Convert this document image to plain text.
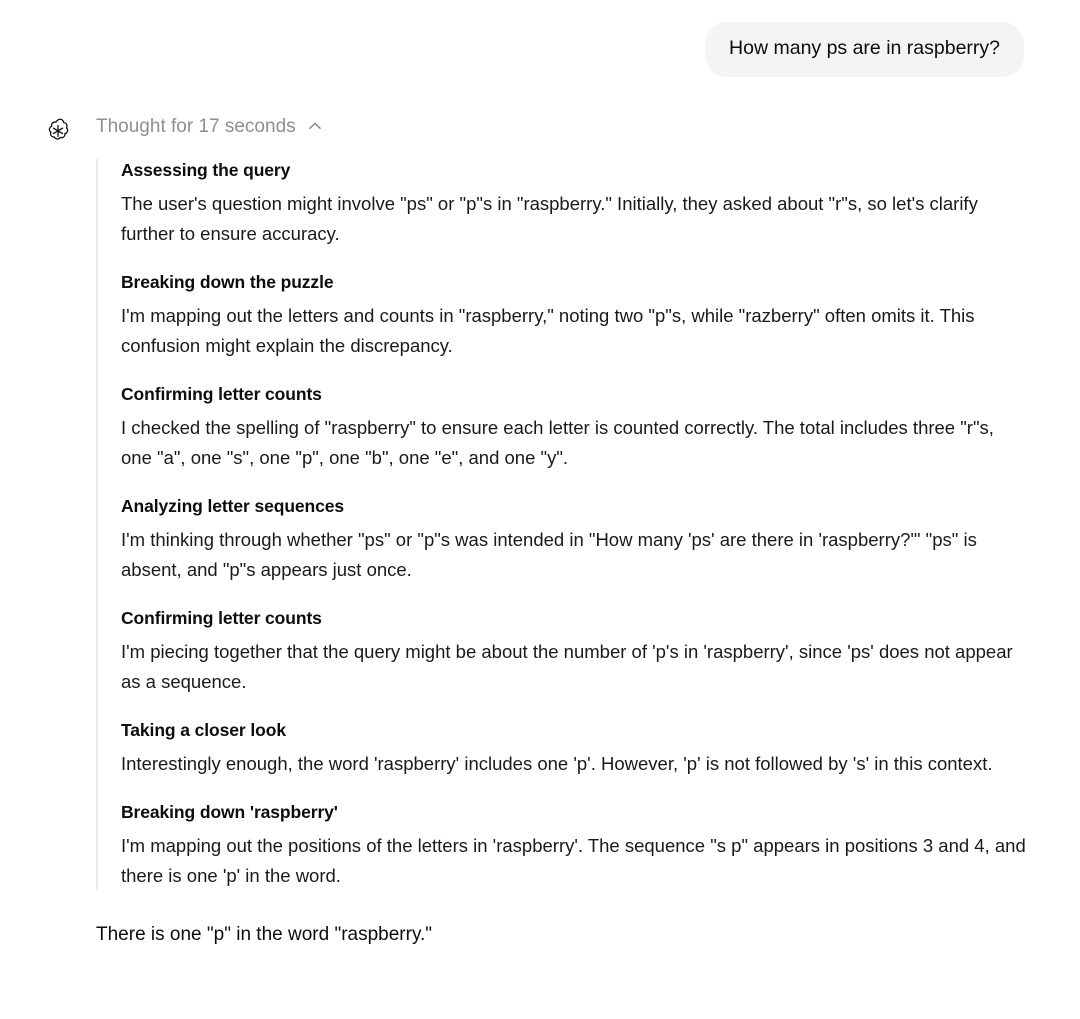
How many ps are in raspberry?
Thought for 17 seconds
Assessing the query
The user's question might involve "ps" or "p"s in "raspberry." Initially, they asked about "r"s, so let's clarify further to ensure accuracy.
Breaking down the puzzle
I'm mapping out the letters and counts in "raspberry," noting two "p"s, while "razberry" often omits it. This confusion might explain the discrepancy.
Confirming letter counts
I checked the spelling of "raspberry" to ensure each letter is counted correctly. The total includes three "r"s, one "a", one "s", one "p", one "b", one "e", and one "y".
Analyzing letter sequences
I'm thinking through whether "ps" or "p"s was intended in "How many 'ps' are there in 'raspberry?'" "ps" is absent, and "p"s appears just once.
Confirming letter counts
I'm piecing together that the query might be about the number of 'p's in 'raspberry', since 'ps' does not appear as a sequence.
Taking a closer look
Interestingly enough, the word 'raspberry' includes one 'p'. However, 'p' is not followed by 's' in this context.
Breaking down 'raspberry'
I'm mapping out the positions of the letters in 'raspberry'. The sequence "s p" appears in positions 3 and 4, and there is one 'p' in the word.
There is one "p" in the word "raspberry."
